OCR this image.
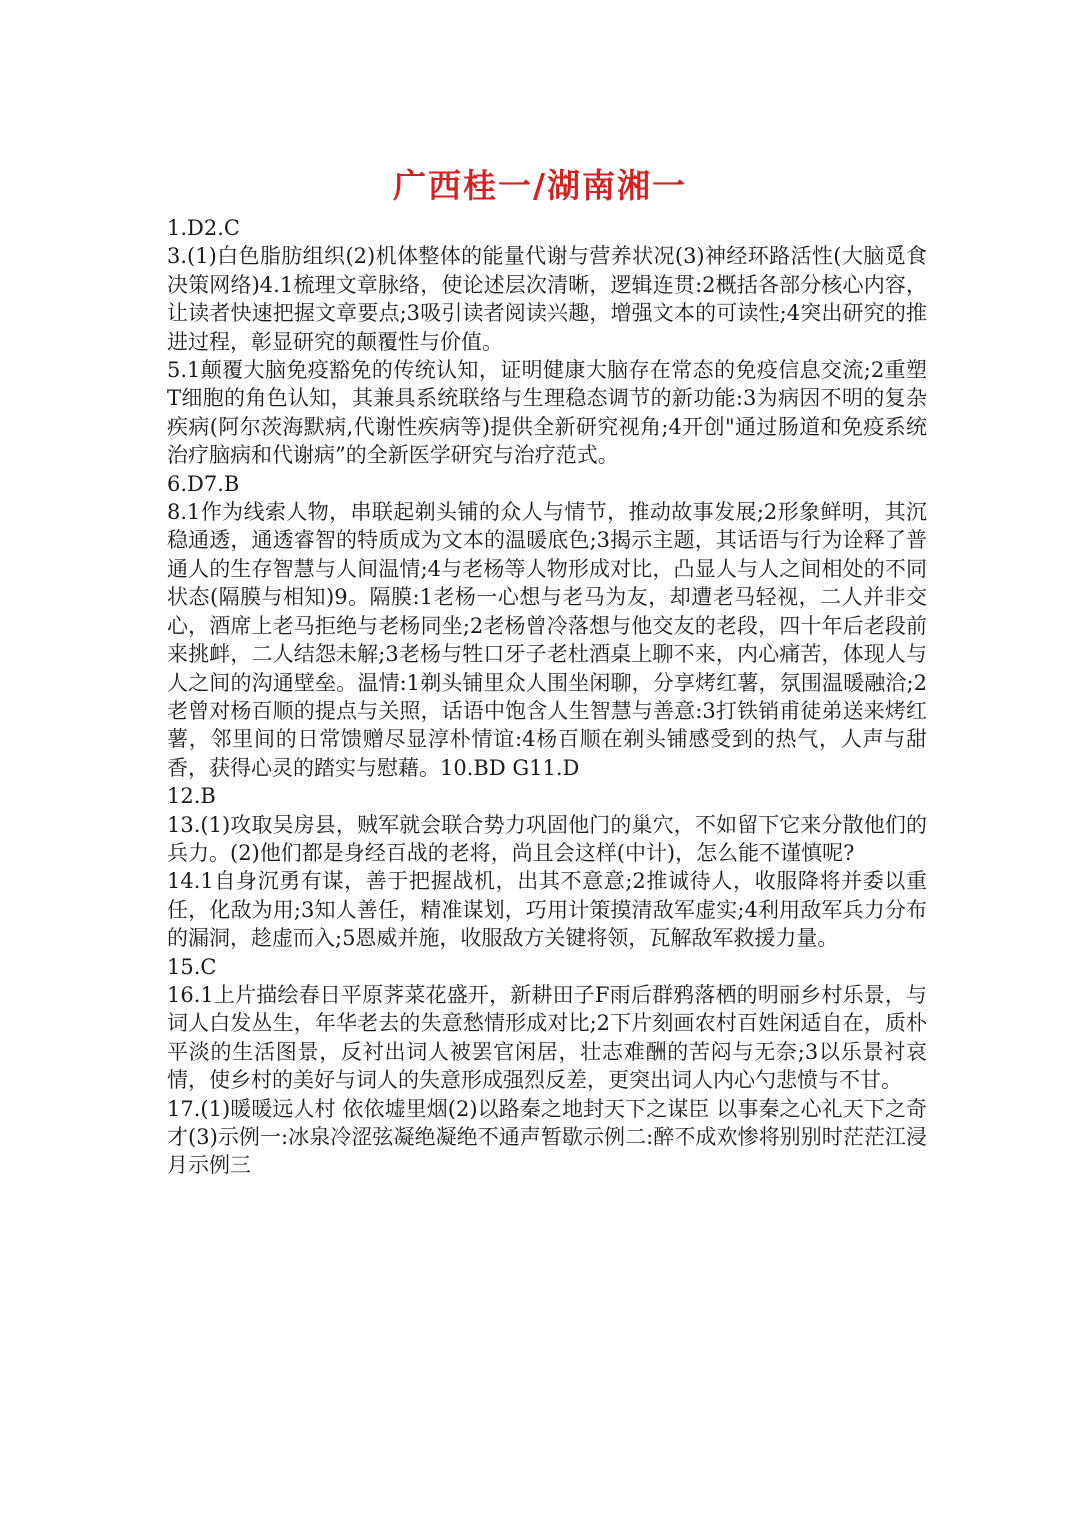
广西桂一/湖南湘一

1.D2.C

3.(1)白色脂肪组织(2)机体整体的能量代谢与营养状况(3)神经环路活性(大脑觅食决策网络)4.1梳理文章脉络，使论述层次清晰，逻辑连贯:2概括各部分核心内容，让读者快速把握文章要点;3吸引读者阅读兴趣，增强文本的可读性;4突出研究的推进过程，彰显研究的颠覆性与价值。

5.1颠覆大脑免疫豁免的传统认知，证明健康大脑存在常态的免疫信息交流;2重塑T细胞的角色认知，其兼具系统联络与生理稳态调节的新功能:3为病因不明的复杂疾病(阿尔茨海默病,代谢性疾病等)提供全新研究视角;4开创"通过肠道和免疫系统治疗脑病和代谢病”的全新医学研究与治疗范式。

6.D7.B

8.1作为线索人物，串联起剃头铺的众人与情节，推动故事发展;2形象鲜明，其沉稳通透，通透睿智的特质成为文本的温暖底色;3揭示主题，其话语与行为诠释了普通人的生存智慧与人间温情;4与老杨等人物形成对比，凸显人与人之间相处的不同状态(隔膜与相知)9。隔膜:1老杨一心想与老马为友，却遭老马轻视，二人并非交心，酒席上老马拒绝与老杨同坐;2老杨曾冷落想与他交友的老段，四十年后老段前来挑衅，二人结怨未解;3老杨与牲口牙子老杜酒桌上聊不来，内心痛苦，体现人与人之间的沟通壁垒。温情:1剃头铺里众人围坐闲聊，分享烤红薯，氛围温暖融洽;2老曾对杨百顺的提点与关照，话语中饱含人生智慧与善意:3打铁销甫徒弟送来烤红薯，邻里间的日常馈赠尽显淳朴情谊:4杨百顺在剃头铺感受到的热气，人声与甜香，获得心灵的踏实与慰藉。10.BD G11.D

12.B

13.(1)攻取吴房县，贼军就会联合势力巩固他门的巢穴，不如留下它来分散他们的兵力。(2)他们都是身经百战的老将，尚且会这样(中计)，怎么能不谨慎呢?

14.1自身沉勇有谋，善于把握战机，出其不意意;2推诚待人，收服降将并委以重任，化敌为用;3知人善任，精准谋划，巧用计策摸清敌军虚实;4利用敌军兵力分布的漏洞，趁虚而入;5恩威并施，收服敌方关键将领，瓦解敌军救援力量。

15.C

16.1上片描绘春日平原荠菜花盛开，新耕田子F雨后群鸦落栖的明丽乡村乐景，与词人白发丛生，年华老去的失意愁情形成对比;2下片刻画农村百姓闲适自在，质朴平淡的生活图景，反衬出词人被罢官闲居，壮志难酬的苦闷与无奈;3以乐景衬哀情，使乡村的美好与词人的失意形成强烈反差，更突出词人内心勺悲愤与不甘。

17.(1)暖暖远人村 依依墟里烟(2)以路秦之地封天下之谋臣 以事秦之心礼天下之奇才(3)示例一:冰泉冷涩弦凝绝凝绝不通声暂歇示例二:醉不成欢惨将别别时茫茫江浸月示例三
